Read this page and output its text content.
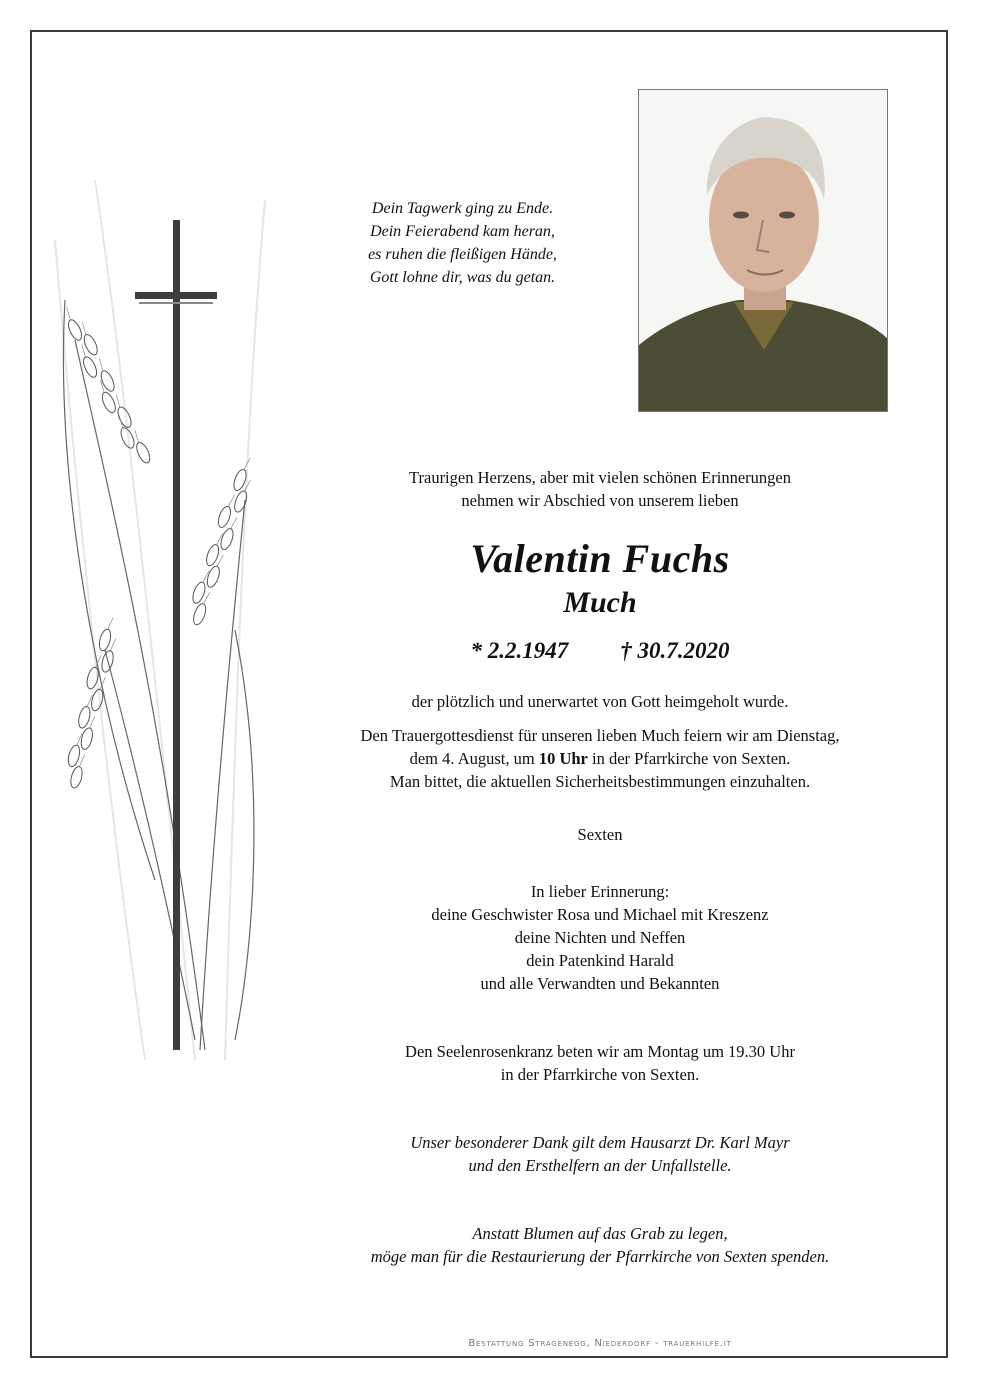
Dein Tagwerk ging zu Ende.
Dein Feierabend kam heran,
es ruhen die fleißigen Hände,
Gott lohne dir, was du getan.
Traurigen Herzens, aber mit vielen schönen Erinnerungen
nehmen wir Abschied von unserem lieben
Valentin Fuchs
Much
* 2.2.1947 † 30.7.2020
der plötzlich und unerwartet von Gott heimgeholt wurde.
Den Trauergottesdienst für unseren lieben Much feiern wir am Dienstag,
dem 4. August, um 10 Uhr in der Pfarrkirche von Sexten.
Man bittet, die aktuellen Sicherheitsbestimmungen einzuhalten.
Sexten
In lieber Erinnerung:
deine Geschwister Rosa und Michael mit Kreszenz
deine Nichten und Neffen
dein Patenkind Harald
und alle Verwandten und Bekannten
Den Seelenrosenkranz beten wir am Montag um 19.30 Uhr
in der Pfarrkirche von Sexten.
Unser besonderer Dank gilt dem Hausarzt Dr. Karl Mayr
und den Ersthelfern an der Unfallstelle.
Anstatt Blumen auf das Grab zu legen,
möge man für die Restaurierung der Pfarrkirche von Sexten spenden.
Bestattung Stragenegg, Niederdorf - trauerhilfe.it
